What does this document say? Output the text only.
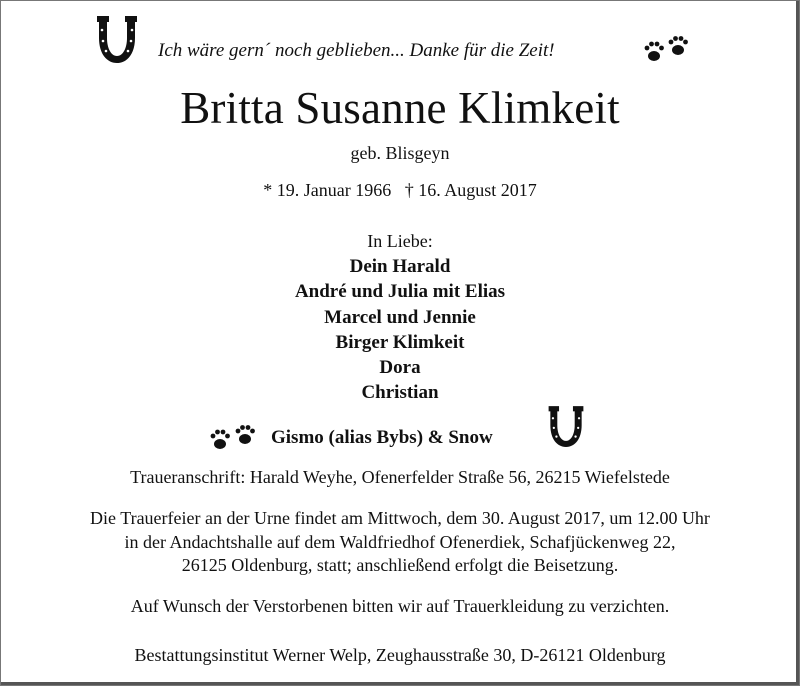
Ich wäre gern´ noch geblieben... Danke für die Zeit!
Britta Susanne Klimkeit
geb. Blisgeyn
* 19. Januar 1966   † 16. August 2017
In Liebe:
Dein Harald
André und Julia mit Elias
Marcel und Jennie
Birger Klimkeit
Dora
Christian
Gismo (alias Bybs) & Snow
Traueranschrift: Harald Weyhe, Ofenerfelder Straße 56, 26215 Wiefelstede
Die Trauerfeier an der Urne findet am Mittwoch, dem 30. August 2017, um 12.00 Uhr
in der Andachtshalle auf dem Waldfriedhof Ofenerdiek, Schafjückenweg 22,
26125 Oldenburg, statt; anschließend erfolgt die Beisetzung.
Auf Wunsch der Verstorbenen bitten wir auf Trauerkleidung zu verzichten.
Bestattungsinstitut Werner Welp, Zeughausstraße 30, D-26121 Oldenburg
